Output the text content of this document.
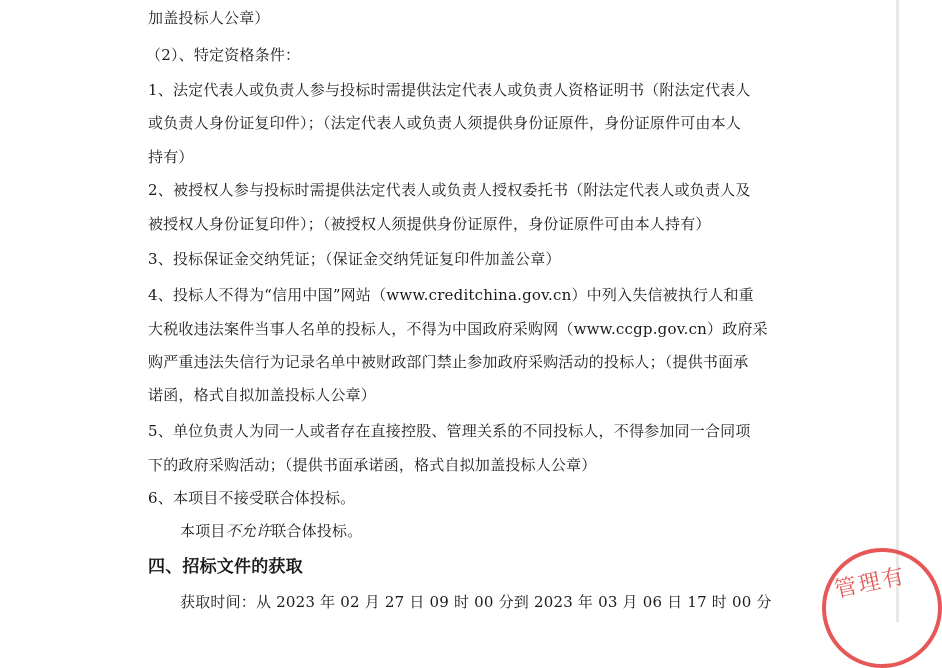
加盖投标人公章）
（2）、特定资格条件：
1、法定代表人或负责人参与投标时需提供法定代表人或负责人资格证明书（附法定代表人
或负责人身份证复印件）；（法定代表人或负责人须提供身份证原件，身份证原件可由本人
持有）
2、被授权人参与投标时需提供法定代表人或负责人授权委托书（附法定代表人或负责人及
被授权人身份证复印件）；（被授权人须提供身份证原件，身份证原件可由本人持有）
3、投标保证金交纳凭证；（保证金交纳凭证复印件加盖公章）
4、投标人不得为“信用中国”网站（www.creditchina.gov.cn）中列入失信被执行人和重
大税收违法案件当事人名单的投标人，不得为中国政府采购网（www.ccgp.gov.cn）政府采
购严重违法失信行为记录名单中被财政部门禁止参加政府采购活动的投标人；（提供书面承
诺函，格式自拟加盖投标人公章）
5、单位负责人为同一人或者存在直接控股、管理关系的不同投标人，不得参加同一合同项
下的政府采购活动；（提供书面承诺函，格式自拟加盖投标人公章）
6、本项目不接受联合体投标。
本项目不允许联合体投标。
四、招标文件的获取
获取时间：从 2023 年 02 月 27 日 09 时 00 分到 2023 年 03 月 06 日 17 时 00 分	管理有
